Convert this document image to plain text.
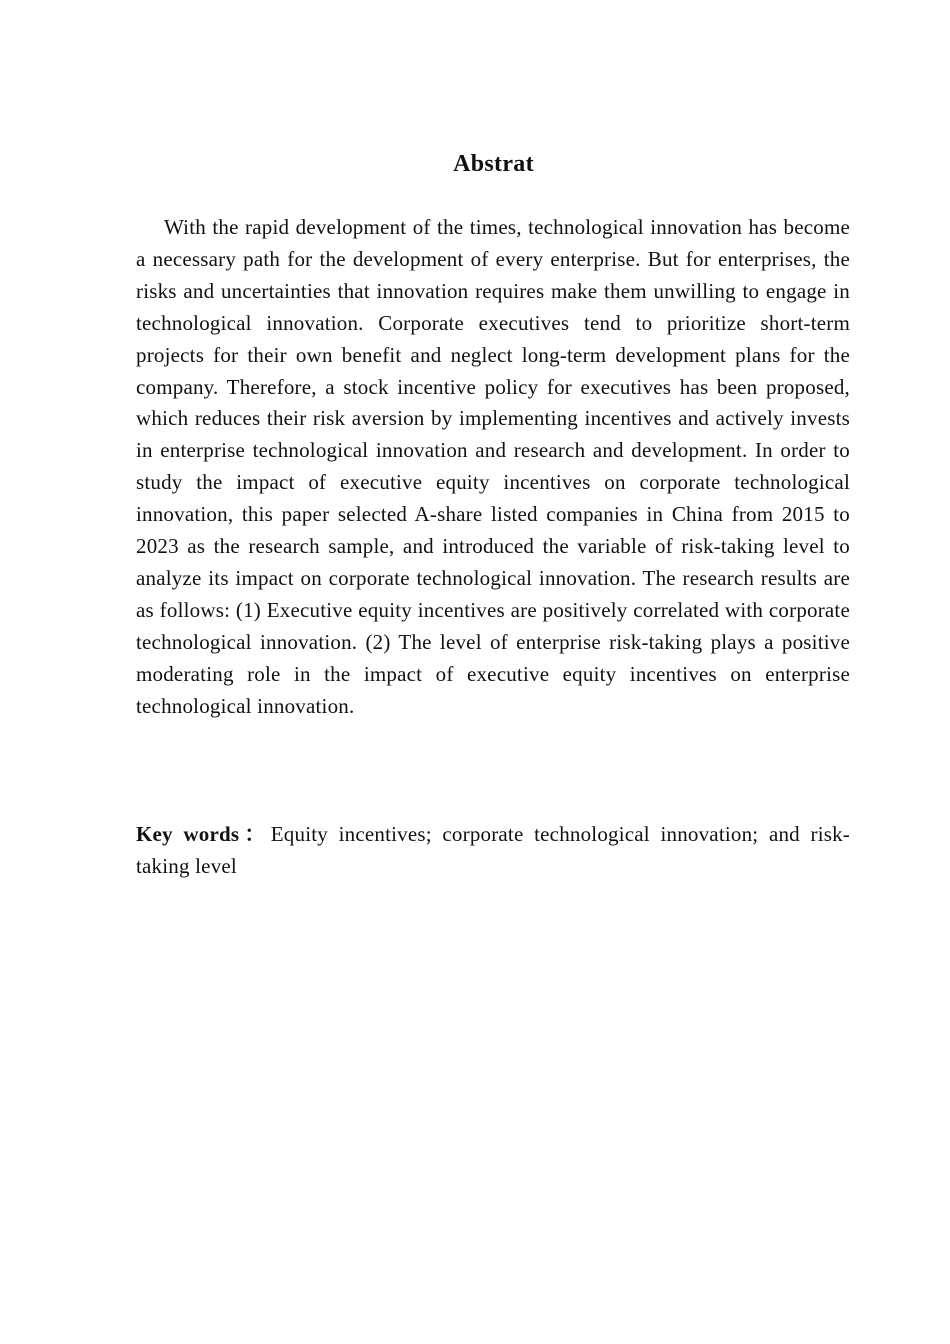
Abstrat

With the rapid development of the times, technological innovation has become a necessary path for the development of every enterprise. But for enterprises, the risks and uncertainties that innovation requires make them unwilling to engage in technological innovation. Corporate executives tend to prioritize short-term projects for their own benefit and neglect long-term development plans for the company. Therefore, a stock incentive policy for executives has been proposed, which reduces their risk aversion by implementing incentives and actively invests in enterprise technological innovation and research and development. In order to study the impact of executive equity incentives on corporate technological innovation, this paper selected A-share listed companies in China from 2015 to 2023 as the research sample, and introduced the variable of risk-taking level to analyze its impact on corporate technological innovation. The research results are as follows: (1) Executive equity incentives are positively correlated with corporate technological innovation. (2) The level of enterprise risk-taking plays a positive moderating role in the impact of executive equity incentives on enterprise technological innovation.

Key words：Equity incentives; corporate technological innovation; and risk-taking level
